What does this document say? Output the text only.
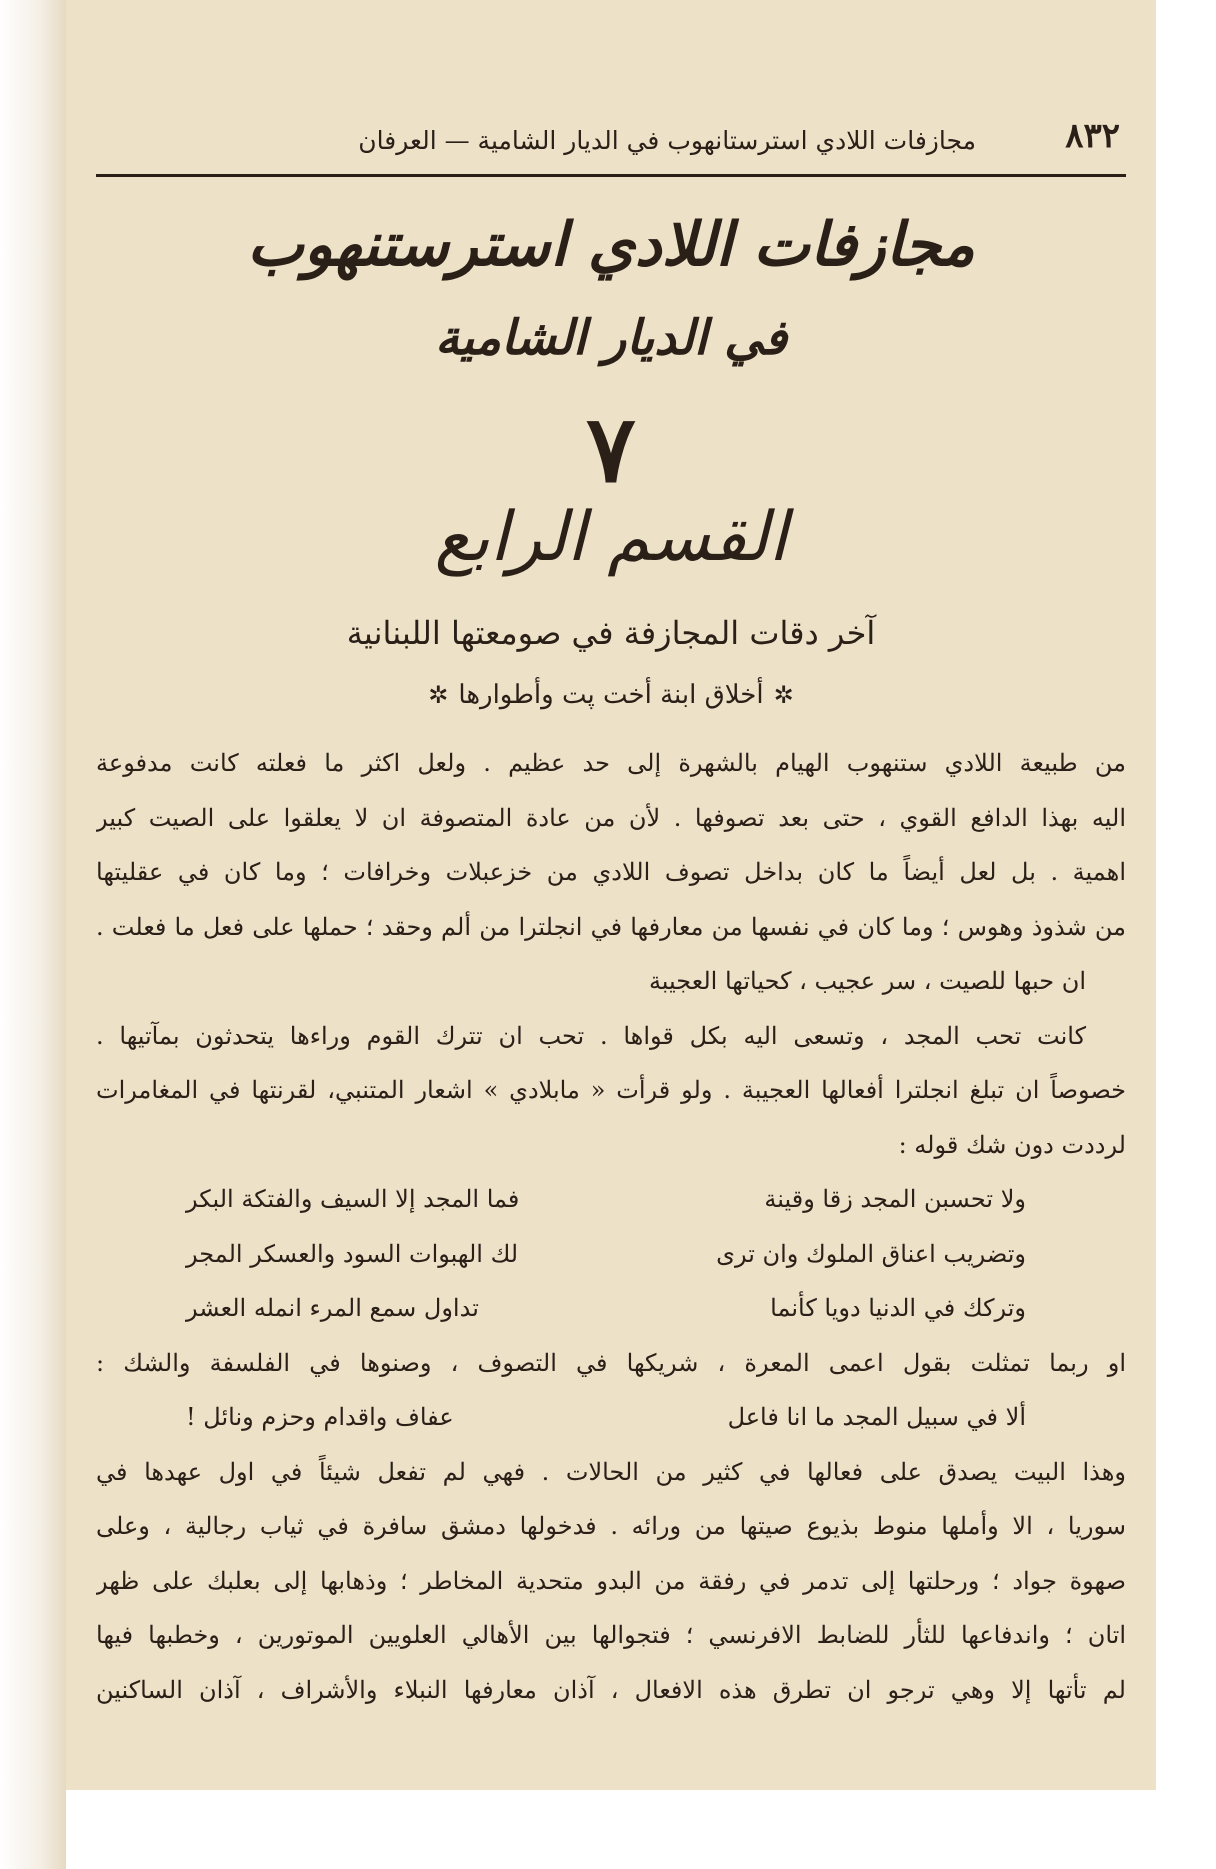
٨٣٢
مجازفات اللادي استرستانهوب في الديار الشامية — العرفان
مجازفات اللادي استرستنهوب
في الديار الشامية
٧
القسم الرابع
آخر دقات المجازفة في صومعتها اللبنانية
✲أخلاق ابنة أخت پت وأطوارها✲
من طبيعة اللادي ستنهوب الهيام بالشهرة إلى حد عظيم . ولعل اكثر ما فعلته كانت مدفوعة
اليه بهذا الدافع القوي ، حتى بعد تصوفها . لأن من عادة المتصوفة ان لا يعلقوا على الصيت كبير
اهمية . بل لعل أيضاً ما كان بداخل تصوف اللادي من خزعبلات وخرافات ؛ وما كان في عقليتها
من شذوذ وهوس ؛ وما كان في نفسها من معارفها في انجلترا من ألم وحقد ؛ حملها على فعل ما فعلت .
ان حبها للصيت ، سر عجيب ، كحياتها العجيبة
كانت تحب المجد ، وتسعى اليه بكل قواها . تحب ان تترك القوم وراءها يتحدثون بمآتيها .
خصوصاً ان تبلغ انجلترا أفعالها العجيبة . ولو قرأت « مابلادي » اشعار المتنبي، لقرنتها في المغامرات
لرددت دون شك قوله :
ولا تحسبن المجد زقا وقينة
فما المجد إلا السيف والفتكة البكر
وتضريب اعناق الملوك وان ترى
لك الهبوات السود والعسكر المجر
وتركك في الدنيا دويا كأنما
تداول سمع المرء انمله العشر
او ربما تمثلت بقول اعمى المعرة ، شريكها في التصوف ، وصنوها في الفلسفة والشك :
ألا في سبيل المجد ما انا فاعل
عفاف واقدام وحزم ونائل !
وهذا البيت يصدق على فعالها في كثير من الحالات . فهي لم تفعل شيئاً في اول عهدها في
سوريا ، الا وأملها منوط بذيوع صيتها من ورائه . فدخولها دمشق سافرة في ثياب رجالية ، وعلى
صهوة جواد ؛ ورحلتها إلى تدمر في رفقة من البدو متحدية المخاطر ؛ وذهابها إلى بعلبك على ظهر
اتان ؛ واندفاعها للثأر للضابط الافرنسي ؛ فتجوالها بين الأهالي العلويين الموتورين ، وخطبها فيها
لم تأتها إلا وهي ترجو ان تطرق هذه الافعال ، آذان معارفها النبلاء والأشراف ، آذان الساكنين
